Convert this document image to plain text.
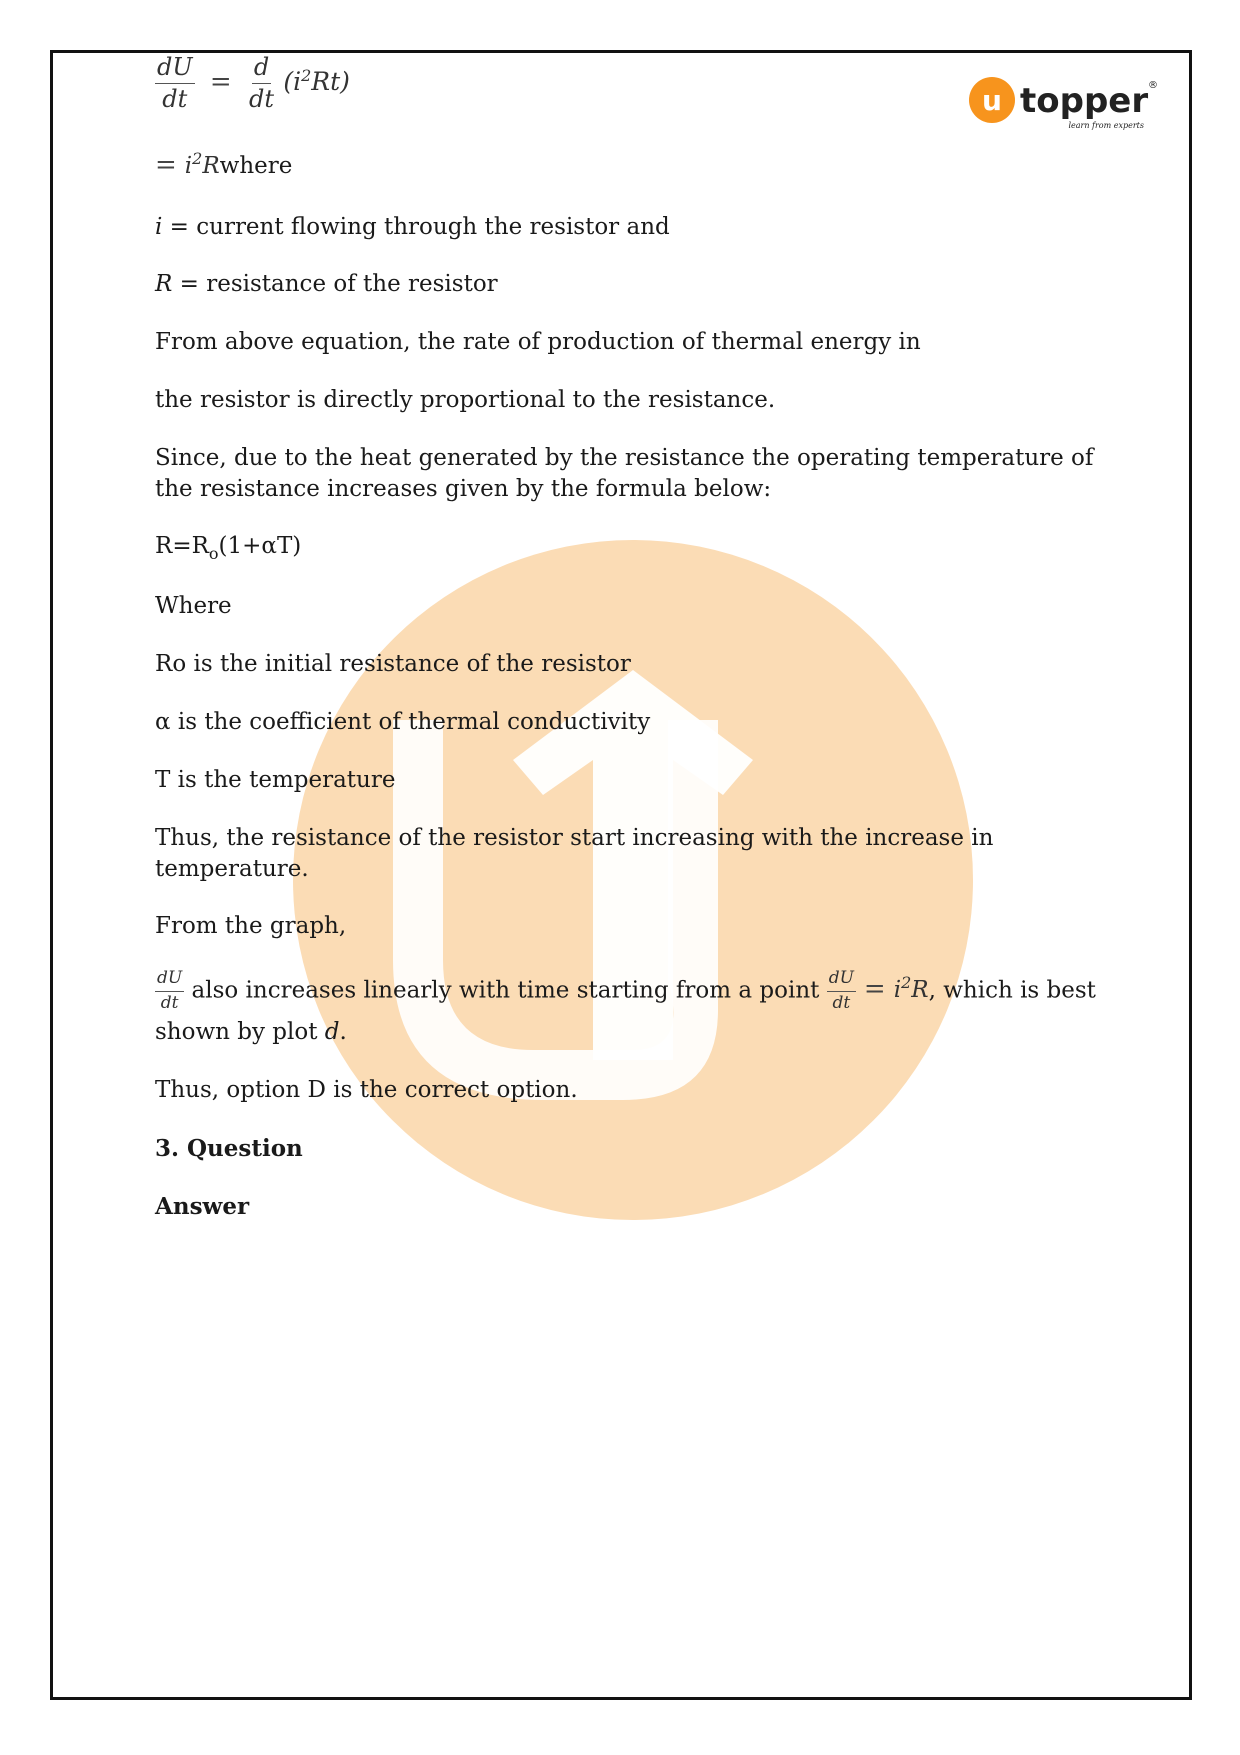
u topper ®
learn from experts
$\frac{dU}{dt} = \frac{d}{dt} (i^2Rt)$
= $i^2Rwhere$
i = current flowing through the resistor and
R = resistance of the resistor
From above equation, the rate of production of thermal energy in
the resistor is directly proportional to the resistance.
Since, due to the heat generated by the resistance the operating temperature of the resistance increases given by the formula below:
$R=R_o(1+\alpha T)$
Where
Ro is the initial resistance of the resistor
α is the coefficient of thermal conductivity
T is the temperature
Thus, the resistance of the resistor start increasing with the increase in temperature.
From the graph,
$\frac{dU}{dt}$ also increases linearly with time starting from a point $\frac{dU}{dt} = i^2R$, which is best
shown by plot d.
Thus, option D is the correct option.
3. Question
Answer
